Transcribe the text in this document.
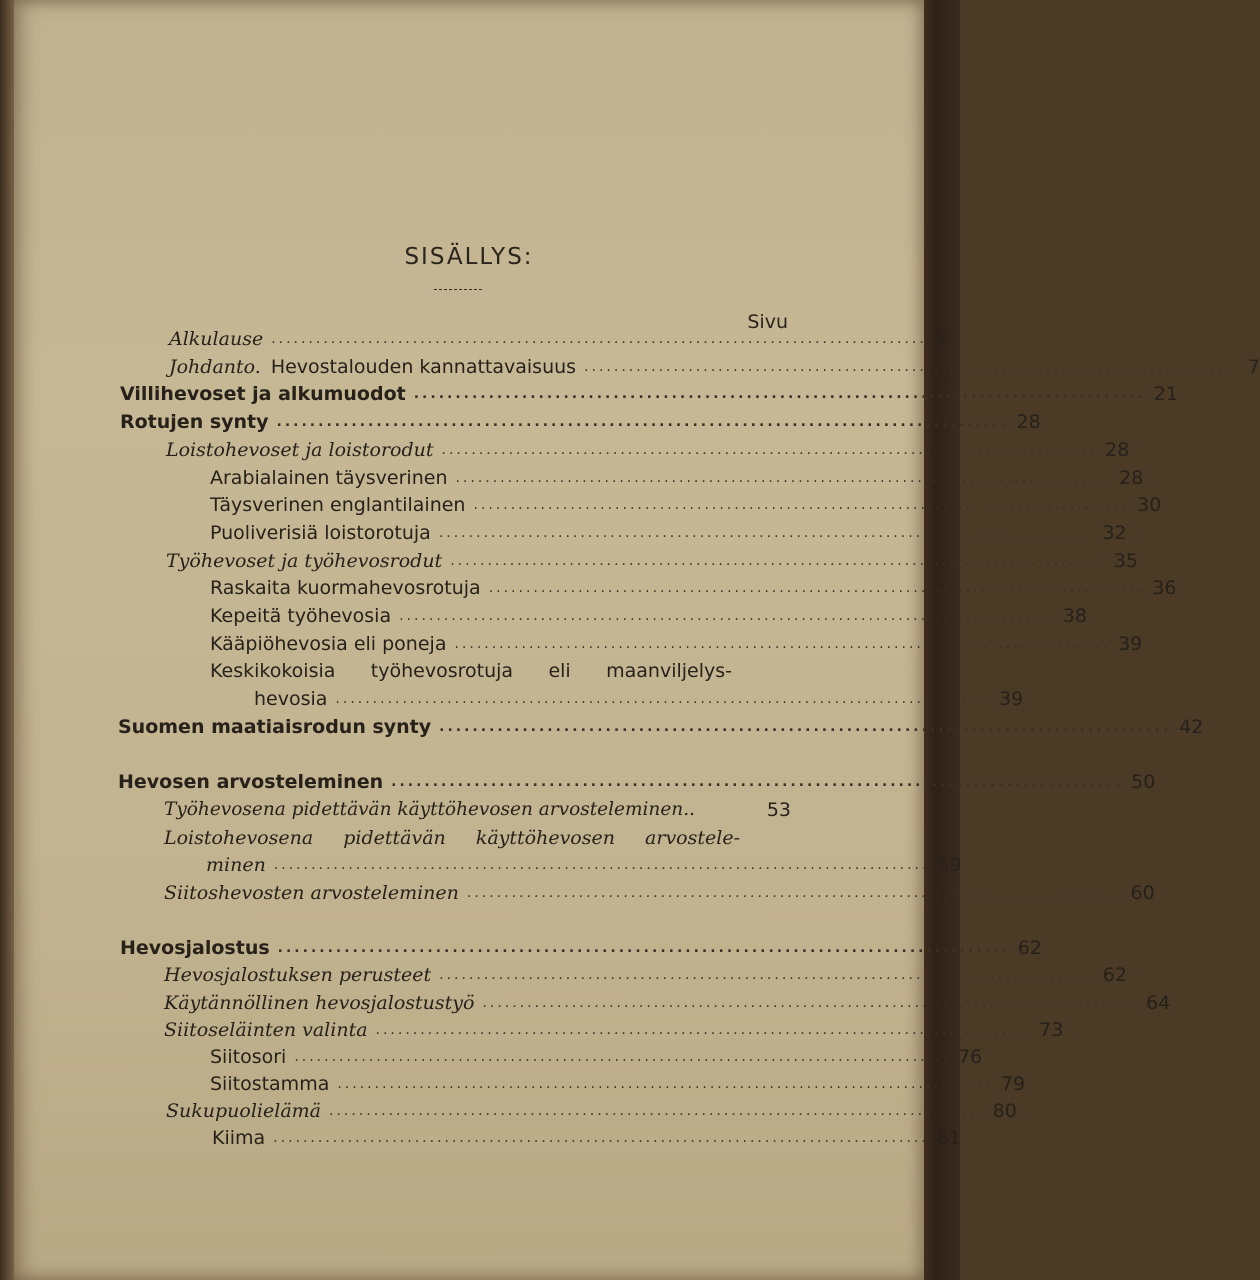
SISÄLLYS:
Sivu
Alkulause ........................................................................................ 5
Johdanto. Hevostalouden kannattavaisuus ........................................................................................ 7
Villihevoset ja alkumuodot ........................................................................................ 21
Rotujen synty ........................................................................................ 28
Loistohevoset ja loistorodut ........................................................................................ 28
Arabialainen täysverinen ........................................................................................ 28
Täysverinen englantilainen ........................................................................................ 30
Puoliverisiä loistorotuja ........................................................................................ 32
Työhevoset ja työhevosrodut ........................................................................................ 35
Raskaita kuormahevosrotuja ........................................................................................ 36
Kepeitä työhevosia ........................................................................................ 38
Kääpiöhevosia eli poneja ........................................................................................ 39
Keskikokoisia työhevosrotuja eli maanviljelys-
hevosia ........................................................................................ 39
Suomen maatiaisrodun synty ........................................................................................ 42
Hevosen arvosteleminen ........................................................................................ 50
Työhevosena pidettävän käyttöhevosen arvosteleminen..	53
Loistohevosena pidettävän käyttöhevosen arvostele-
minen ........................................................................................ 59
Siitoshevosten arvosteleminen ........................................................................................ 60
Hevosjalostus ........................................................................................ 62
Hevosjalostuksen perusteet ........................................................................................ 62
Käytännöllinen hevosjalostustyö ........................................................................................ 64
Siitoseläinten valinta ........................................................................................ 73
Siitosori ........................................................................................ 76
Siitostamma ........................................................................................ 79
Sukupuolielämä ........................................................................................ 80
Kiima ........................................................................................ 81
